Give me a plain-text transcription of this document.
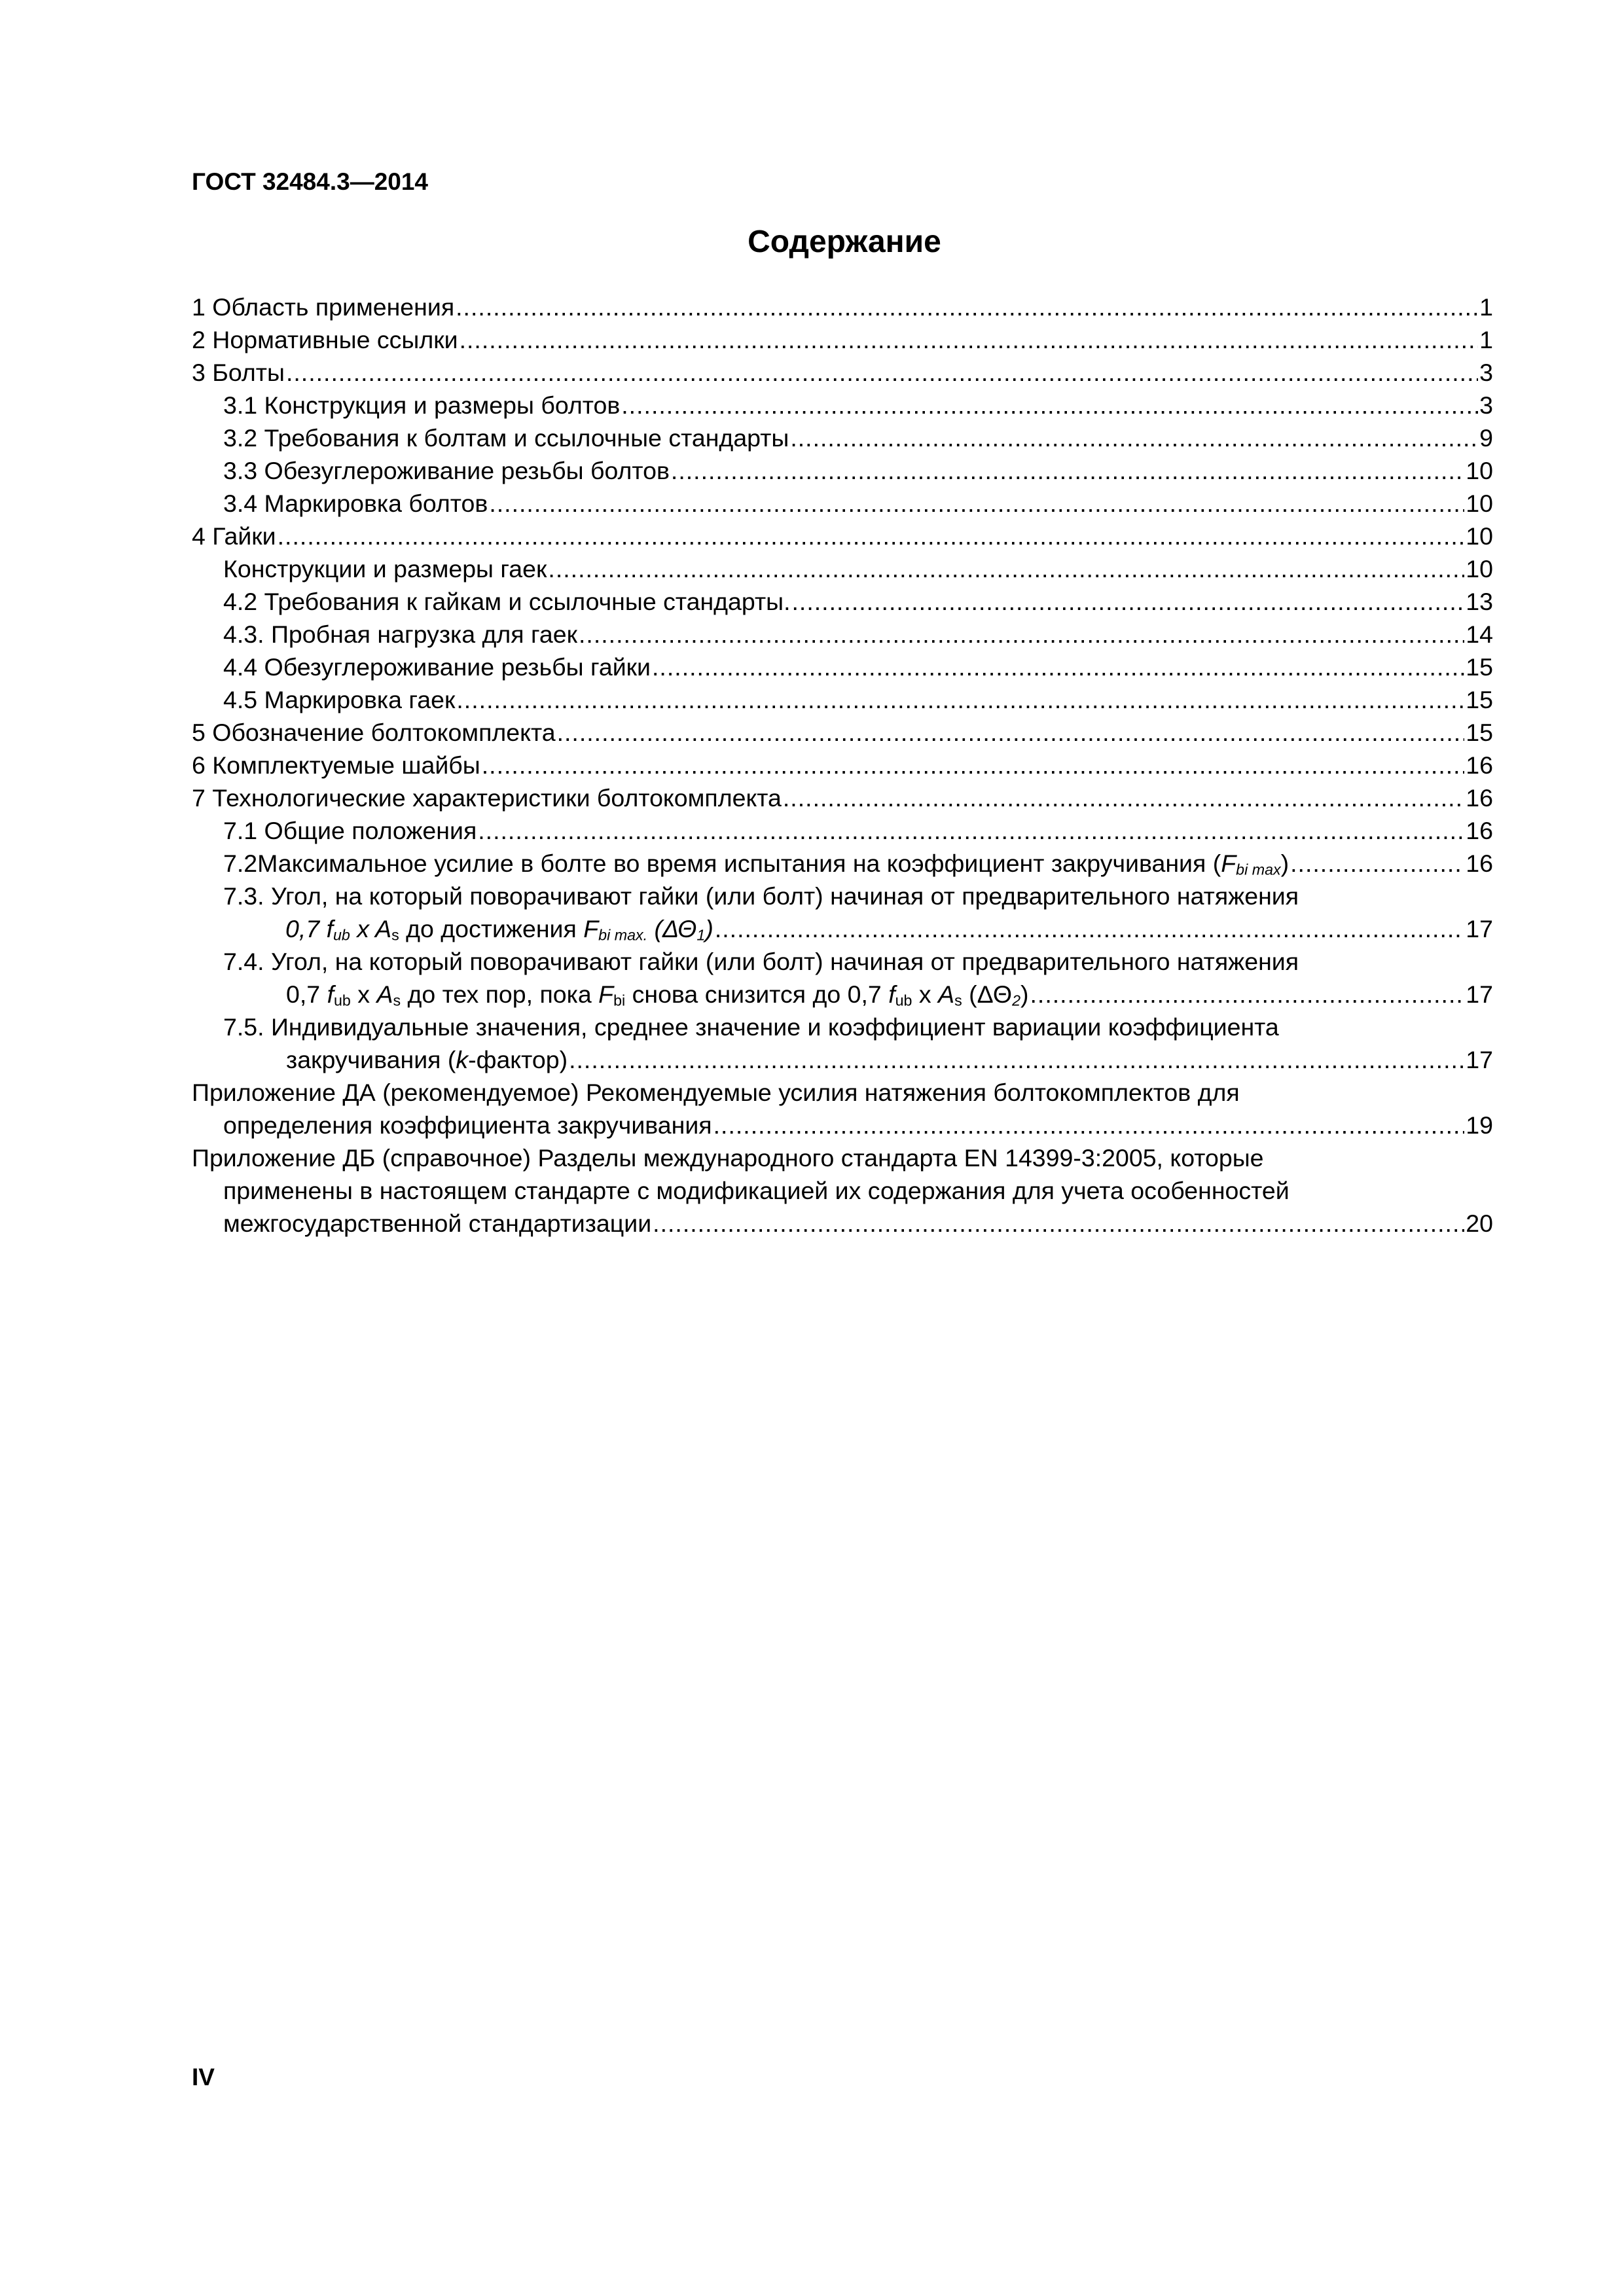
ГОСТ 32484.3—2014
Содержание
1 Область применения .....	1
2 Нормативные ссылки .....	1
3 Болты .....	3
3.1 Конструкция и размеры болтов .....	3
3.2 Требования к болтам и ссылочные стандарты .....	9
3.3 Обезуглероживание резьбы болтов .....	10
3.4 Маркировка болтов .....	10
4 Гайки .....	10
Конструкции и размеры гаек .....	10
4.2 Требования к гайкам и ссылочные стандарты. .....	13
4.3. Пробная нагрузка для гаек .....	14
4.4 Обезуглероживание резьбы гайки .....	15
4.5 Маркировка гаек .....	15
5 Обозначение болтокомплекта .....	15
6 Комплектуемые шайбы .....	16
7 Технологические характеристики болтокомплекта .....	16
7.1 Общие положения .....	16
7.2Максимальное усилие в болте во время испытания на коэффициент закручивания $(F_{bi max})$ .....	16
7.3. Угол, на который поворачивают гайки (или болт) начиная от предварительного натяжения
0,7 $f_{ub}$ x $A_s$ до достижения $F_{bi max.}$ $(\Delta\Theta_1)$ .....	17
7.4. Угол, на который поворачивают гайки (или болт) начиная от предварительного натяжения
0,7 $f_{ub}$ x $A_s$ до тех пор, пока $F_{bi}$ снова снизится до 0,7 $f_{ub}$ x $A_s$ $(\Delta\Theta_2)$ .....	17
7.5. Индивидуальные значения, среднее значение и коэффициент вариации коэффициента
закручивания (k-фактор) .....	17
Приложение ДА (рекомендуемое) Рекомендуемые усилия натяжения болтокомплектов для
определения коэффициента закручивания .....	19
Приложение ДБ (справочное) Разделы международного стандарта EN 14399-3:2005, которые
применены в настоящем стандарте с модификацией их содержания для учета особенностей
межгосударственной стандартизации .....	20
IV
